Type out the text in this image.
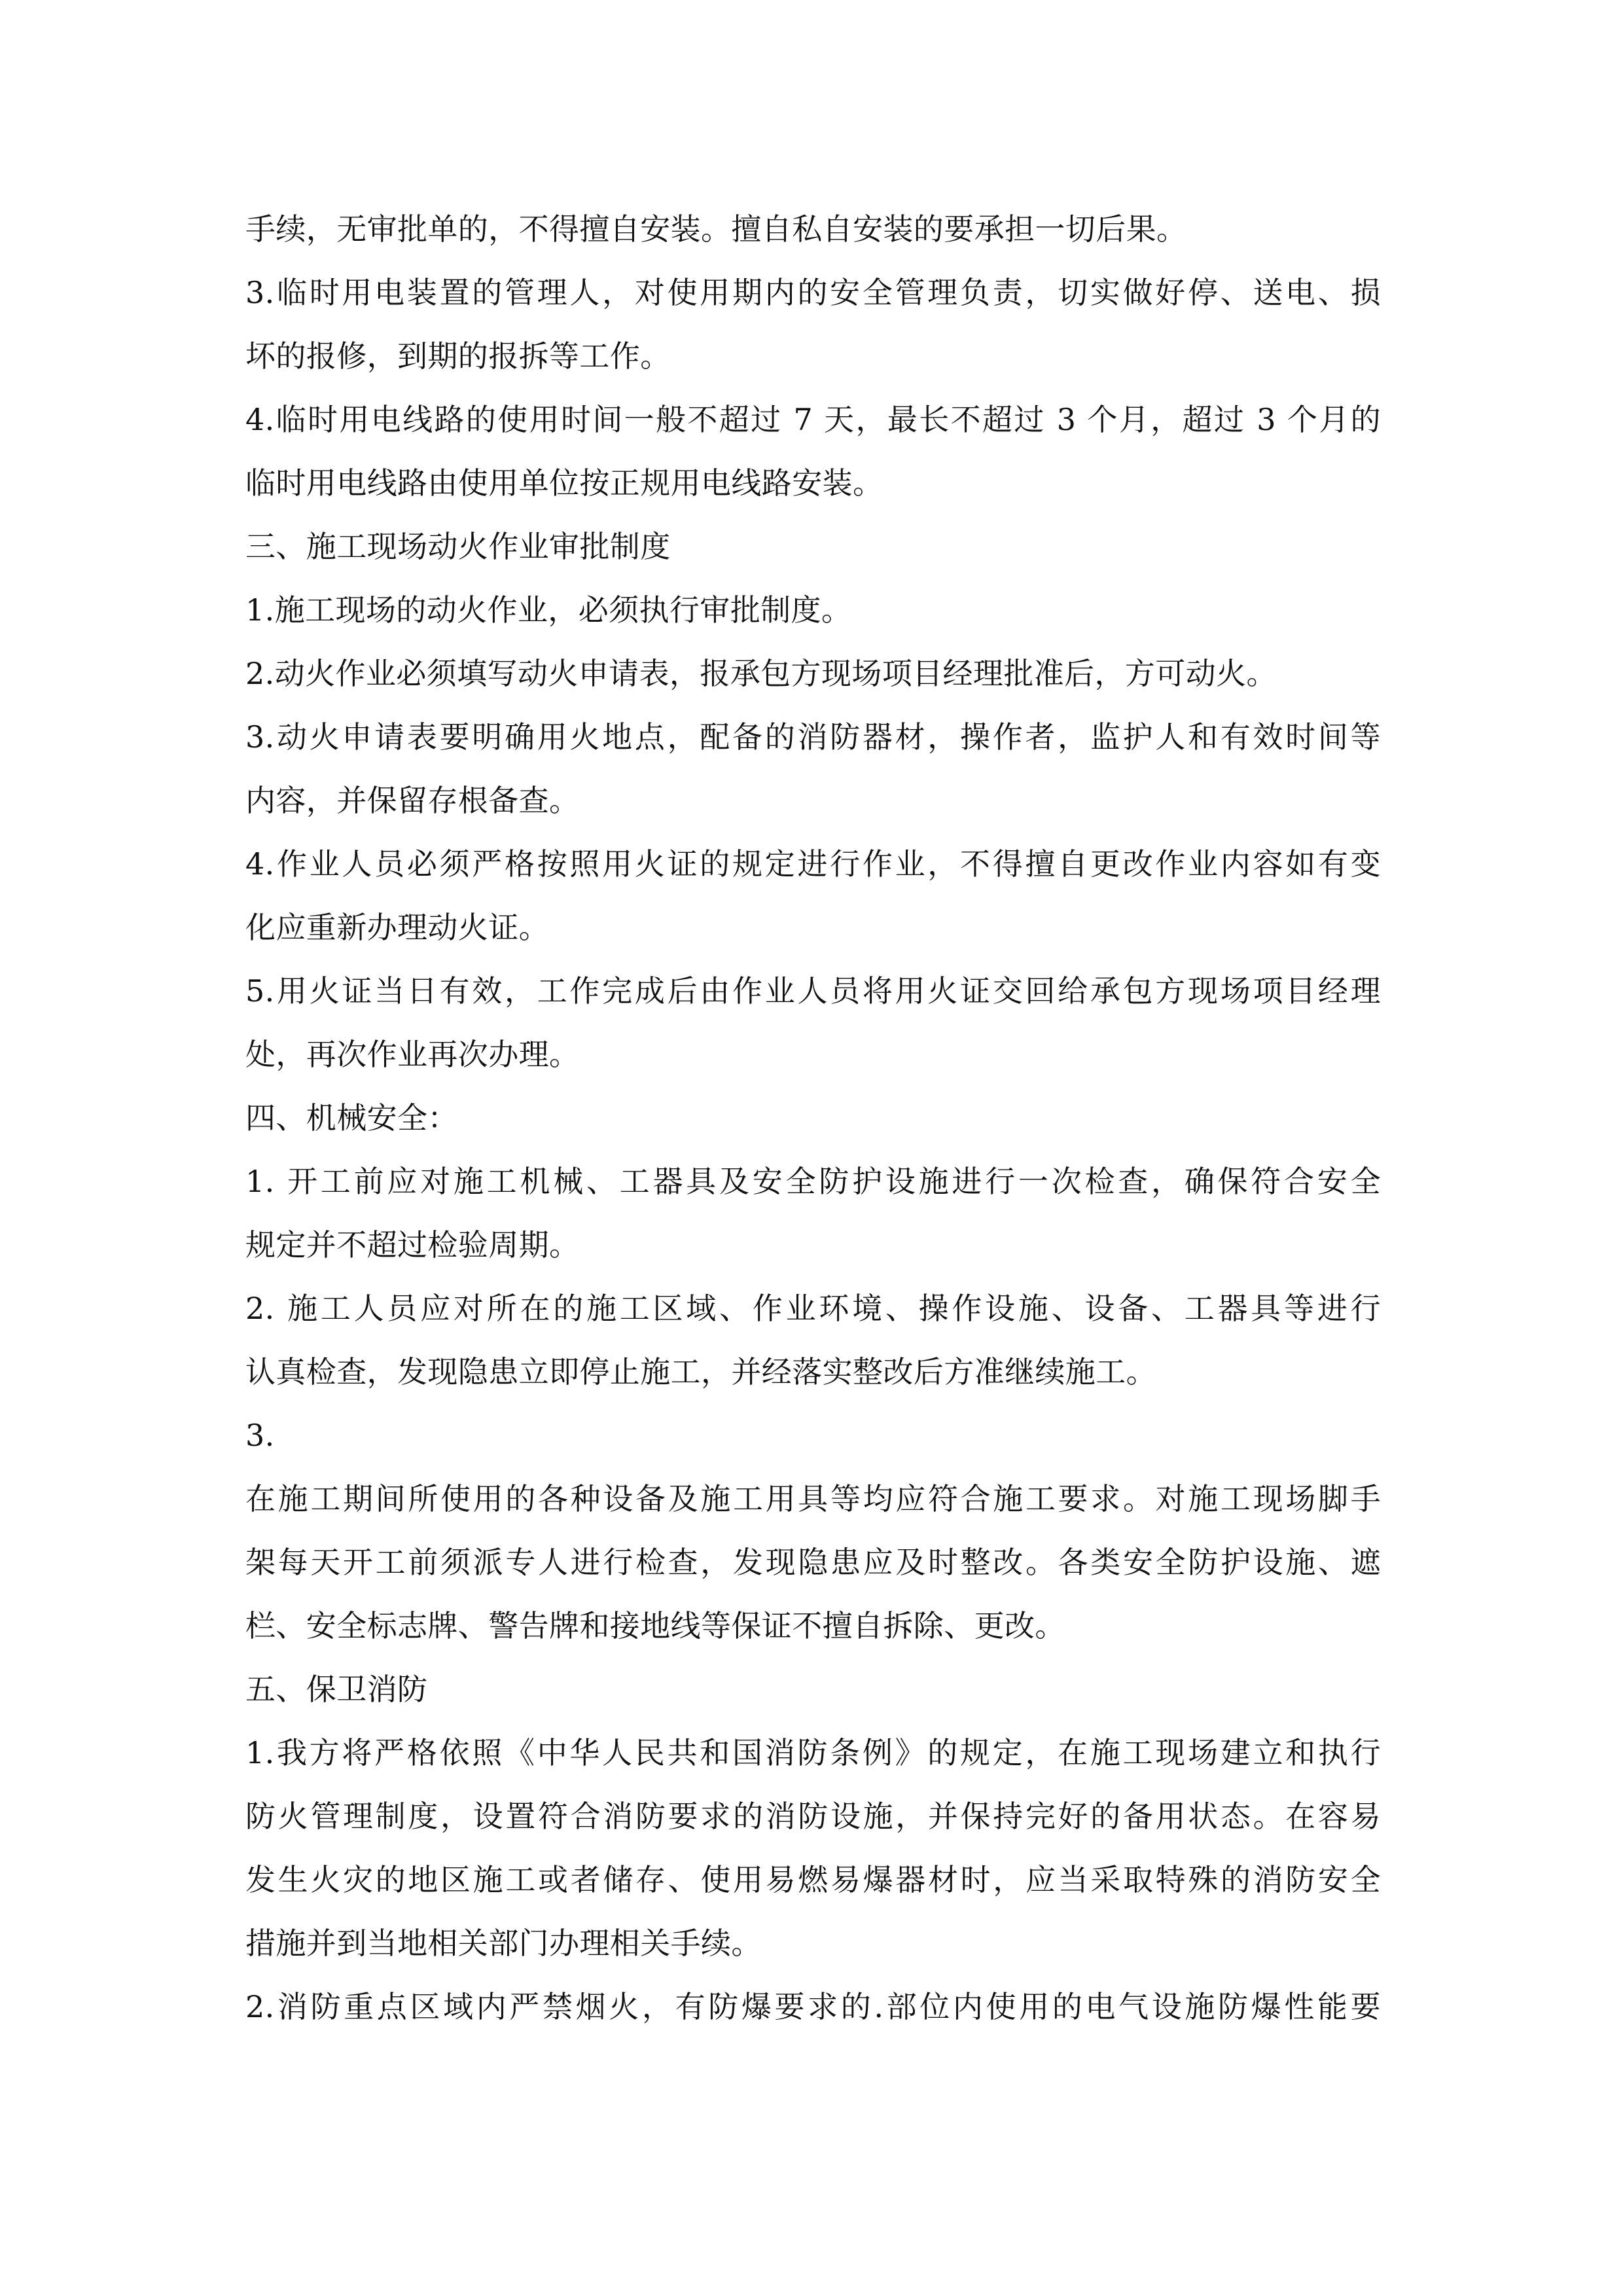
手续，无审批单的，不得擅自安装。擅自私自安装的要承担一切后果。
3.临时用电装置的管理人，对使用期内的安全管理负责，切实做好停、送电、损
坏的报修，到期的报拆等工作。
4.临时用电线路的使用时间一般不超过 7 天，最长不超过 3 个月，超过 3 个月的
临时用电线路由使用单位按正规用电线路安装。
三、施工现场动火作业审批制度
1.施工现场的动火作业，必须执行审批制度。
2.动火作业必须填写动火申请表，报承包方现场项目经理批准后，方可动火。
3.动火申请表要明确用火地点，配备的消防器材，操作者，监护人和有效时间等
内容，并保留存根备查。
4.作业人员必须严格按照用火证的规定进行作业，不得擅自更改作业内容如有变
化应重新办理动火证。
5.用火证当日有效，工作完成后由作业人员将用火证交回给承包方现场项目经理
处，再次作业再次办理。
四、机械安全：
1. 开工前应对施工机械、工器具及安全防护设施进行一次检查，确保符合安全
规定并不超过检验周期。
2. 施工人员应对所在的施工区域、作业环境、操作设施、设备、工器具等进行
认真检查，发现隐患立即停止施工，并经落实整改后方准继续施工。
3.
在施工期间所使用的各种设备及施工用具等均应符合施工要求。对施工现场脚手
架每天开工前须派专人进行检查，发现隐患应及时整改。各类安全防护设施、遮
栏、安全标志牌、警告牌和接地线等保证不擅自拆除、更改。
五、保卫消防
1.我方将严格依照《中华人民共和国消防条例》的规定，在施工现场建立和执行
防火管理制度，设置符合消防要求的消防设施，并保持完好的备用状态。在容易
发生火灾的地区施工或者储存、使用易燃易爆器材时，应当采取特殊的消防安全
措施并到当地相关部门办理相关手续。
2.消防重点区域内严禁烟火，有防爆要求的.部位内使用的电气设施防爆性能要
